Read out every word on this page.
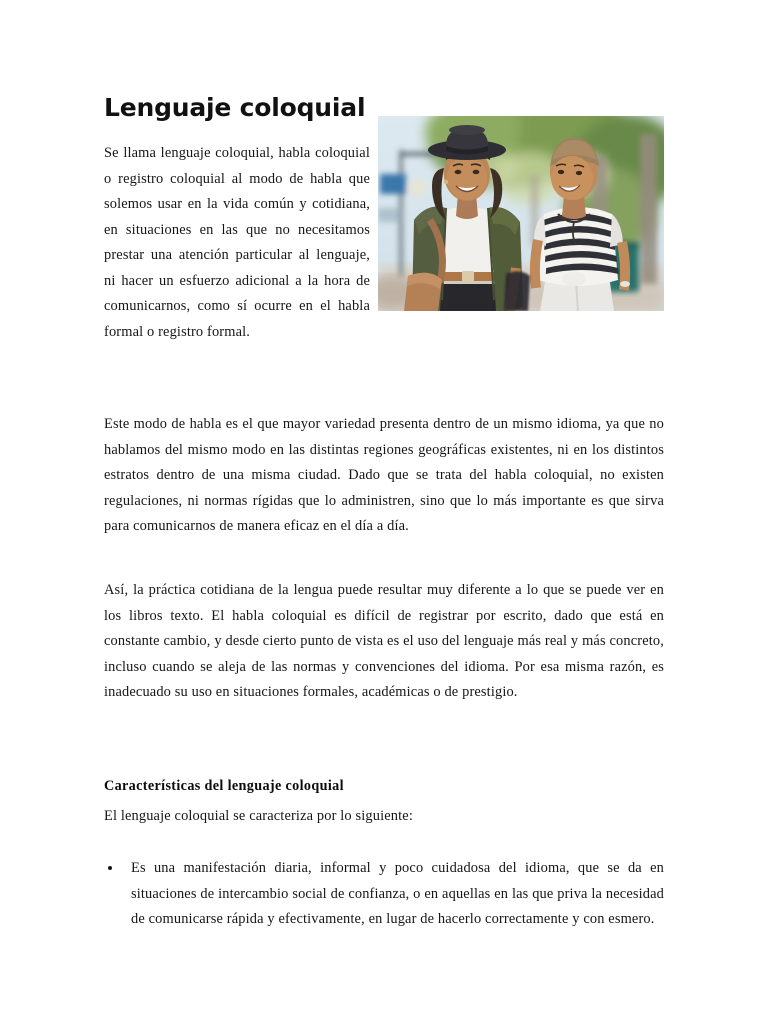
Lenguaje coloquial

Se llama lenguaje coloquial, habla coloquial o registro coloquial al modo de habla que solemos usar en la vida común y cotidiana, en situaciones en las que no necesitamos prestar una atención particular al lenguaje, ni hacer un esfuerzo adicional a la hora de comunicarnos, como sí ocurre en el habla formal o registro formal.

Este modo de habla es el que mayor variedad presenta dentro de un mismo idioma, ya que no hablamos del mismo modo en las distintas regiones geográficas existentes, ni en los distintos estratos dentro de una misma ciudad. Dado que se trata del habla coloquial, no existen regulaciones, ni normas rígidas que lo administren, sino que lo más importante es que sirva para comunicarnos de manera eficaz en el día a día.

Así, la práctica cotidiana de la lengua puede resultar muy diferente a lo que se puede ver en los libros texto. El habla coloquial es difícil de registrar por escrito, dado que está en constante cambio, y desde cierto punto de vista es el uso del lenguaje más real y más concreto, incluso cuando se aleja de las normas y convenciones del idioma. Por esa misma razón, es inadecuado su uso en situaciones formales, académicas o de prestigio.

Características del lenguaje coloquial

El lenguaje coloquial se caracteriza por lo siguiente:

Es una manifestación diaria, informal y poco cuidadosa del idioma, que se da en situaciones de intercambio social de confianza, o en aquellas en las que priva la necesidad de comunicarse rápida y efectivamente, en lugar de hacerlo correctamente y con esmero.
